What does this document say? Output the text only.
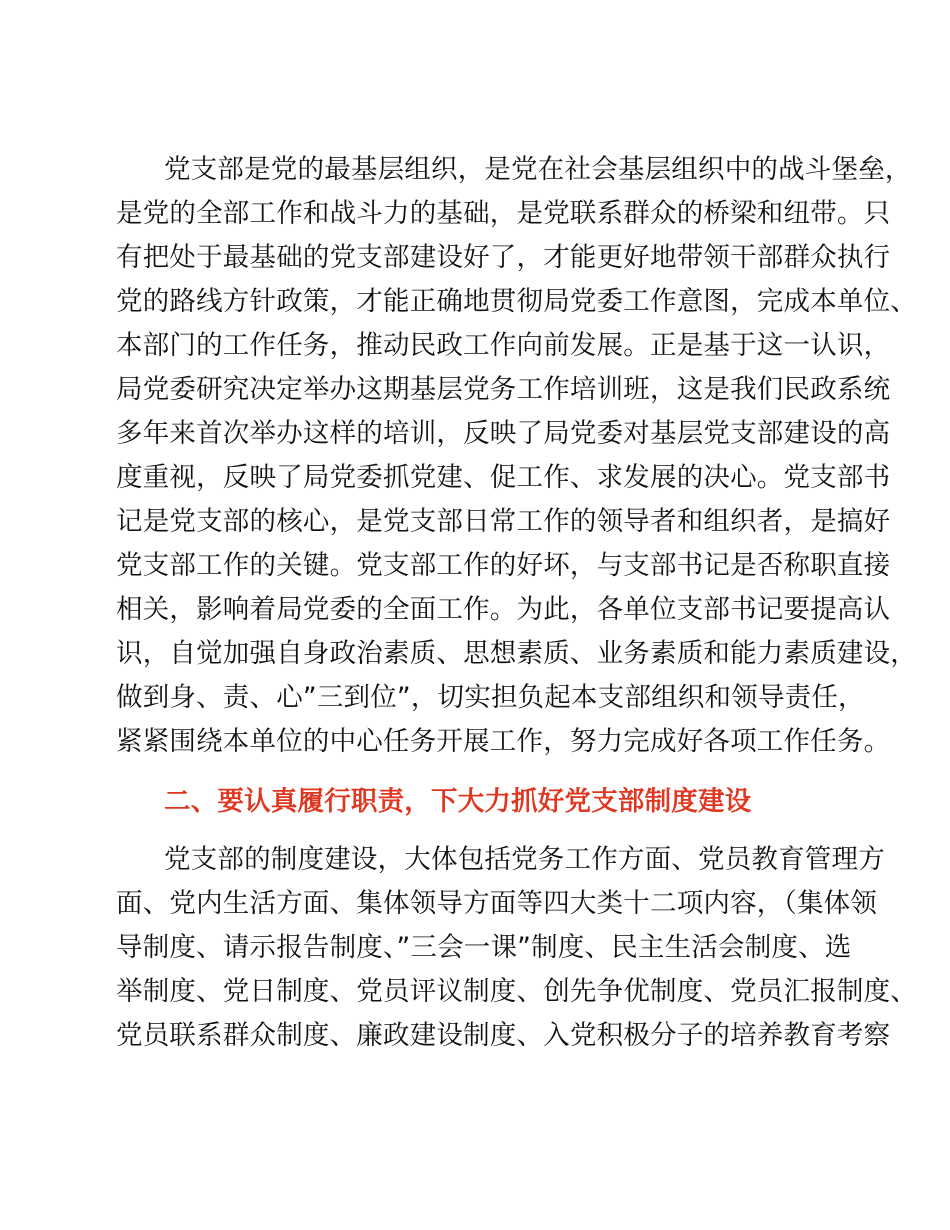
党支部是党的最基层组织，是党在社会基层组织中的战斗堡垒，
是党的全部工作和战斗力的基础，是党联系群众的桥梁和纽带。只
有把处于最基础的党支部建设好了，才能更好地带领干部群众执行
党的路线方针政策，才能正确地贯彻局党委工作意图，完成本单位、
本部门的工作任务，推动民政工作向前发展。正是基于这一认识，
局党委研究决定举办这期基层党务工作培训班，这是我们民政系统
多年来首次举办这样的培训，反映了局党委对基层党支部建设的高
度重视，反映了局党委抓党建、促工作、求发展的决心。党支部书
记是党支部的核心，是党支部日常工作的领导者和组织者，是搞好
党支部工作的关键。党支部工作的好坏，与支部书记是否称职直接
相关，影响着局党委的全面工作。为此，各单位支部书记要提高认
识，自觉加强自身政治素质、思想素质、业务素质和能力素质建设，
做到身、责、心”三到位”，切实担负起本支部组织和领导责任，
紧紧围绕本单位的中心任务开展工作，努力完成好各项工作任务。
二、要认真履行职责，下大力抓好党支部制度建设
党支部的制度建设，大体包括党务工作方面、党员教育管理方
面、党内生活方面、集体领导方面等四大类十二项内容，（集体领
导制度、请示报告制度、”三会一课”制度、民主生活会制度、选
举制度、党日制度、党员评议制度、创先争优制度、党员汇报制度、
党员联系群众制度、廉政建设制度、入党积极分子的培养教育考察
